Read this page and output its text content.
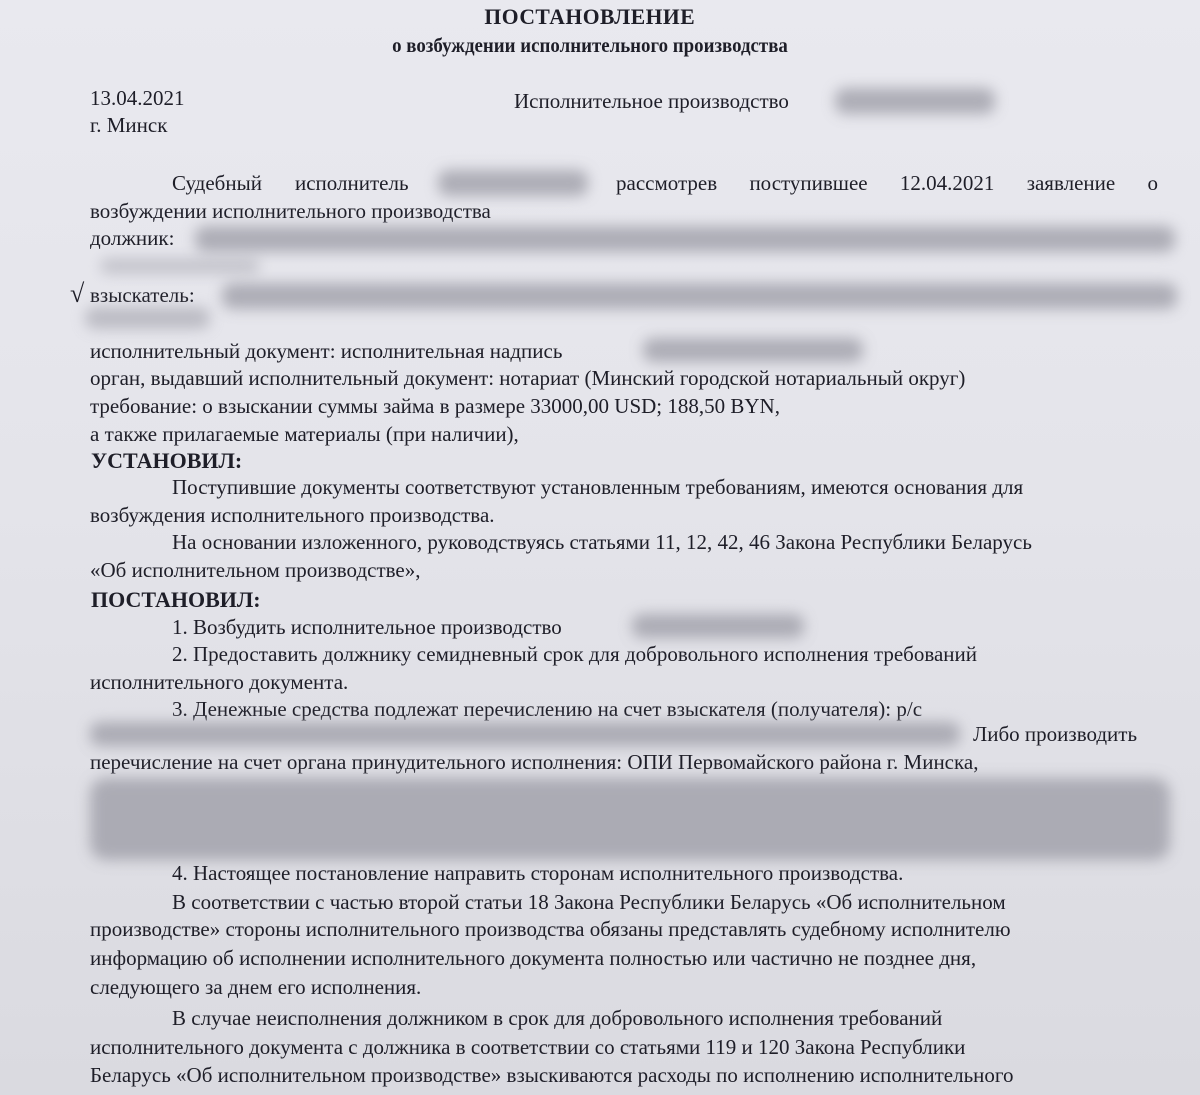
ПОСТАНОВЛЕНИЕ
о возбуждении исполнительного производства
13.04.2021
г. Минск
Исполнительное производство
Судебный исполнитель	рассмотрев поступившее 12.04.2021 заявление о
возбуждении исполнительного производства
должник:
√ взыскатель:
исполнительный документ: исполнительная надпись
орган, выдавший исполнительный документ: нотариат (Минский городской нотариальный округ)
требование: о взыскании суммы займа в размере 33000,00 USD; 188,50 BYN,
а также прилагаемые материалы (при наличии),
УСТАНОВИЛ:
Поступившие документы соответствуют установленным требованиям, имеются основания для
возбуждения исполнительного производства.
На основании изложенного, руководствуясь статьями 11, 12, 42, 46 Закона Республики Беларусь
«Об исполнительном производстве»,
ПОСТАНОВИЛ:
1. Возбудить исполнительное производство
2. Предоставить должнику семидневный срок для добровольного исполнения требований
исполнительного документа.
3. Денежные средства подлежат перечислению на счет взыскателя (получателя): р/с
Либо производить
перечисление на счет органа принудительного исполнения: ОПИ Первомайского района г. Минска,
4. Настоящее постановление направить сторонам исполнительного производства.
В соответствии с частью второй статьи 18 Закона Республики Беларусь «Об исполнительном
производстве» стороны исполнительного производства обязаны представлять судебному исполнителю
информацию об исполнении исполнительного документа полностью или частично не позднее дня,
следующего за днем его исполнения.
В случае неисполнения должником в срок для добровольного исполнения требований
исполнительного документа с должника в соответствии со статьями 119 и 120 Закона Республики
Беларусь «Об исполнительном производстве» взыскиваются расходы по исполнению исполнительного
